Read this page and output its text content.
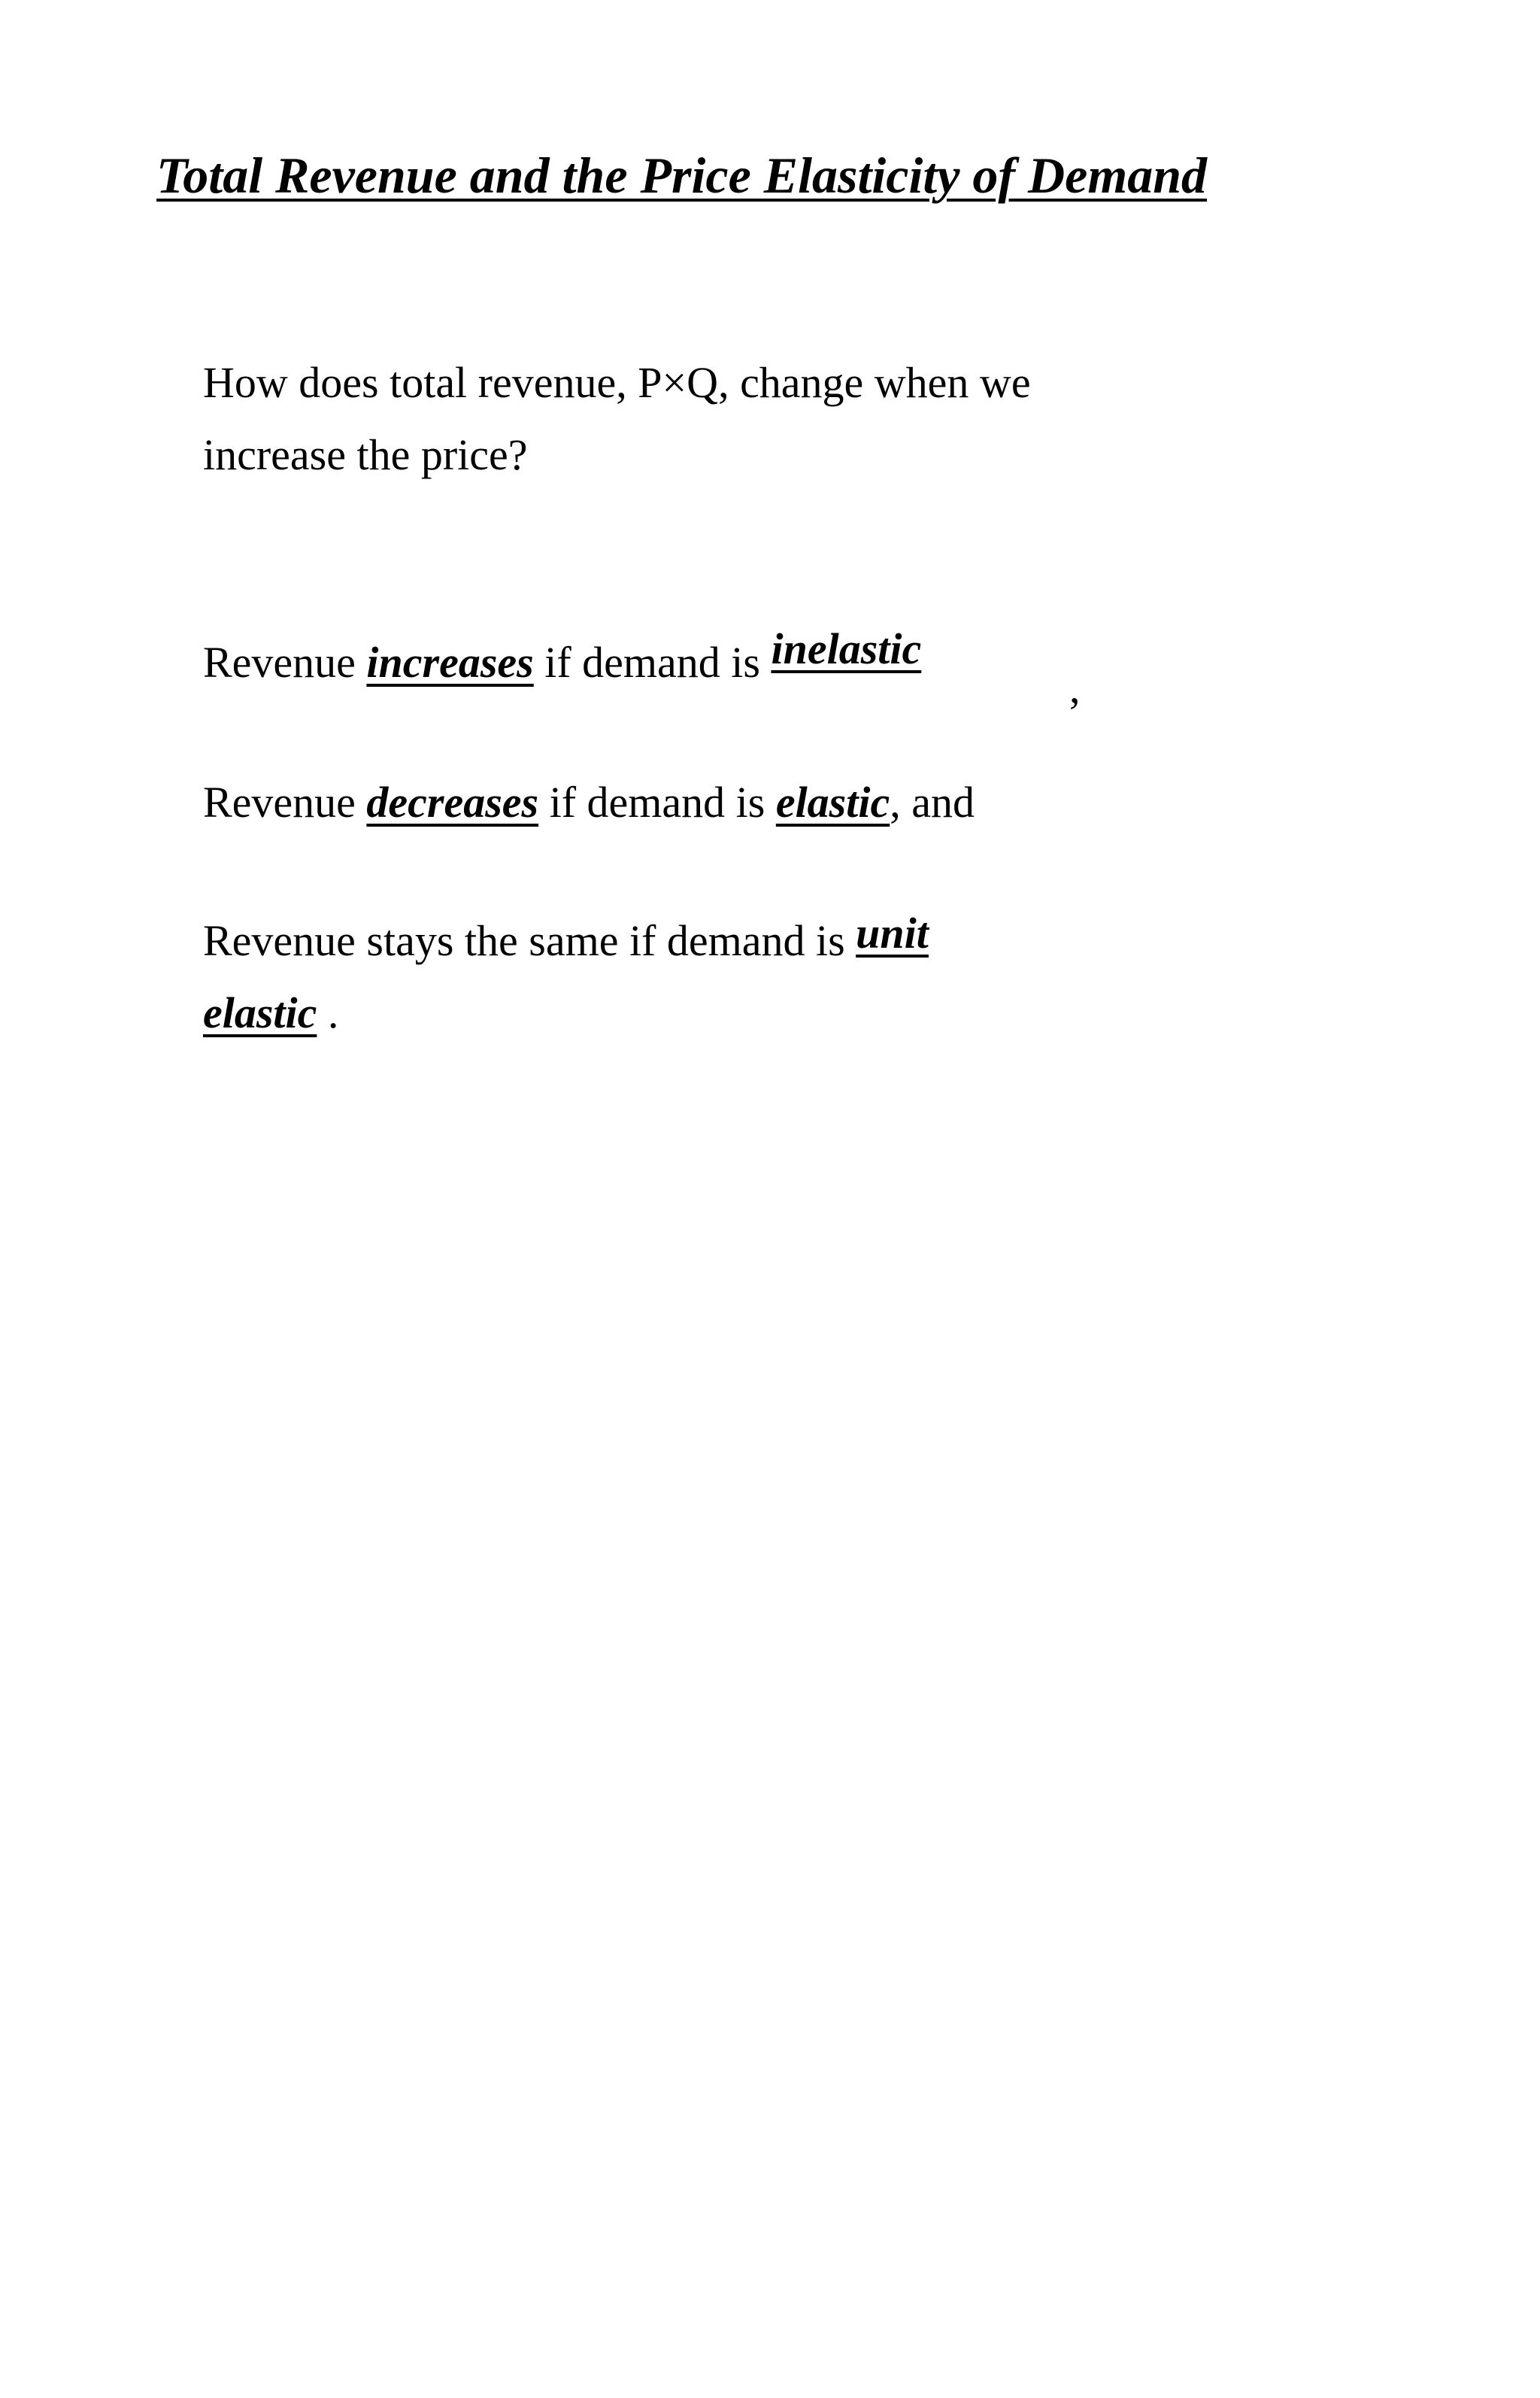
Total Revenue and the Price Elasticity of Demand

How does total revenue, P×Q, change when we

increase the price?

Revenue increases if demand is inelastic

,

Revenue decreases if demand is elastic, and

Revenue stays the same if demand is unit

elastic .
